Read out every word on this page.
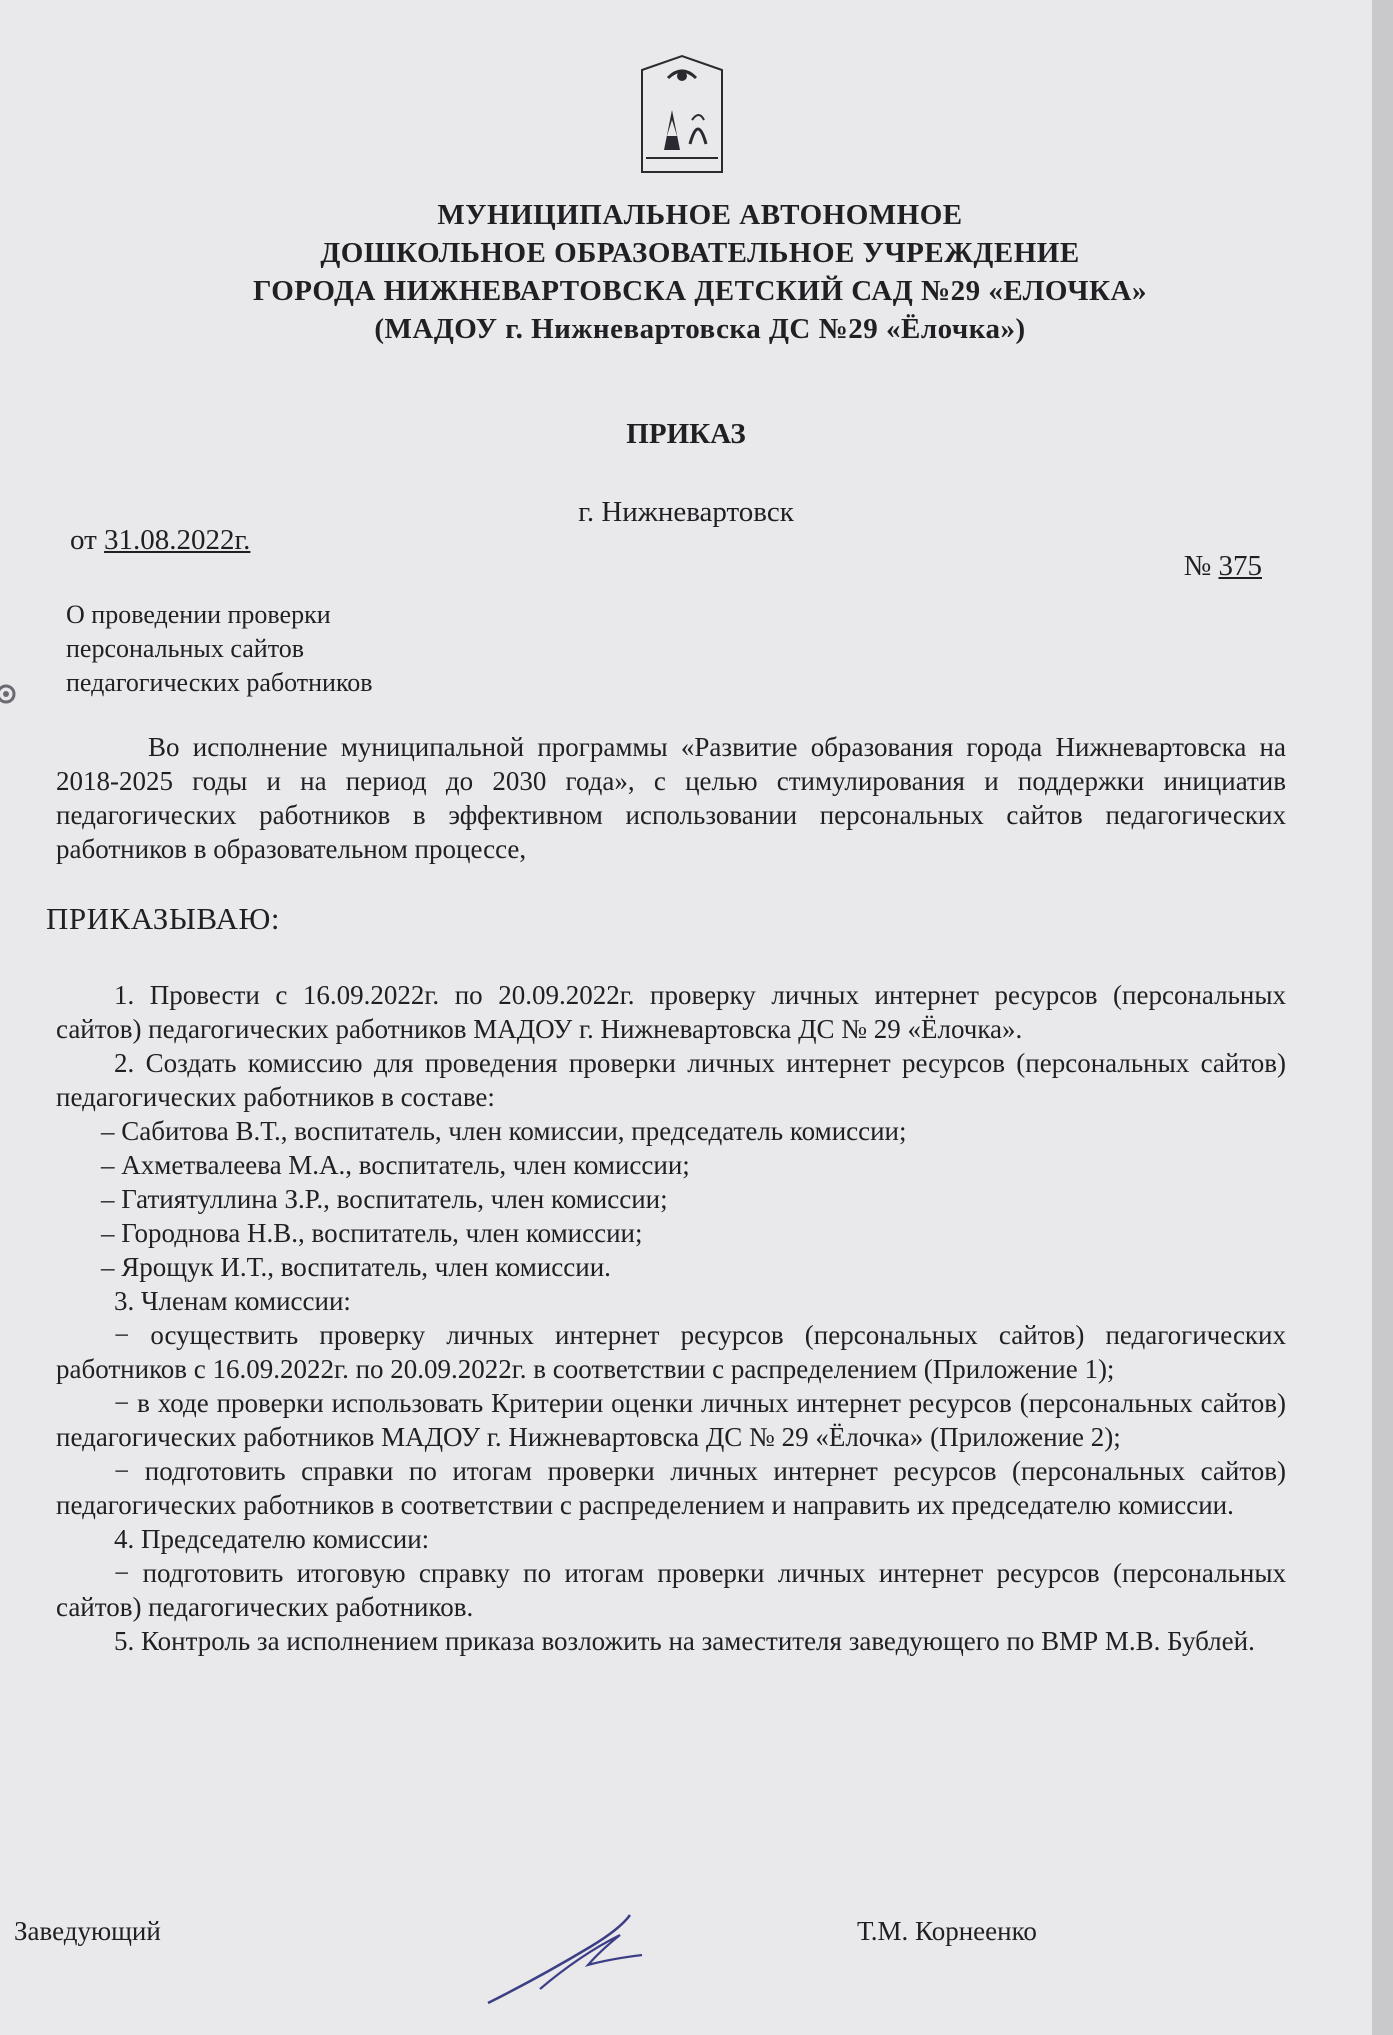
МУНИЦИПАЛЬНОЕ АВТОНОМНОЕ
ДОШКОЛЬНОЕ ОБРАЗОВАТЕЛЬНОЕ УЧРЕЖДЕНИЕ
ГОРОДА НИЖНЕВАРТОВСКА ДЕТСКИЙ САД №29 «ЕЛОЧКА»
(МАДОУ г. Нижневартовска ДС №29 «Ёлочка»)
ПРИКАЗ
г. Нижневартовск
от 31.08.2022г.
№ 375
О проведении проверки
персональных сайтов
педагогических работников

Во исполнение муниципальной программы «Развитие образования города Нижневартовска на 2018-2025 годы и на период до 2030 года», с целью стимулирования и поддержки инициатив педагогических работников в эффективном использовании персональных сайтов педагогических работников в образовательном процессе,

ПРИКАЗЫВАЮ:

1. Провести с 16.09.2022г. по 20.09.2022г. проверку личных интернет ресурсов (персональных сайтов) педагогических работников МАДОУ г. Нижневартовска ДС № 29 «Ёлочка».

2. Создать комиссию для проведения проверки личных интернет ресурсов (персональных сайтов) педагогических работников в составе:

– Сабитова В.Т., воспитатель, член комиссии, председатель комиссии;

– Ахметвалеева М.А., воспитатель, член комиссии;

– Гатиятуллина З.Р., воспитатель, член комиссии;

– Городнова Н.В., воспитатель, член комиссии;

– Ярощук И.Т., воспитатель, член комиссии.

3. Членам комиссии:

− осуществить проверку личных интернет ресурсов (персональных сайтов) педагогических работников с 16.09.2022г. по 20.09.2022г. в соответствии с распределением (Приложение 1);

− в ходе проверки использовать Критерии оценки личных интернет ресурсов (персональных сайтов) педагогических работников МАДОУ г. Нижневартовска ДС № 29 «Ёлочка» (Приложение 2);

− подготовить справки по итогам проверки личных интернет ресурсов (персональных сайтов) педагогических работников в соответствии с распределением и направить их председателю комиссии.

4. Председателю комиссии:

− подготовить итоговую справку по итогам проверки личных интернет ресурсов (персональных сайтов) педагогических работников.

5. Контроль за исполнением приказа возложить на заместителя заведующего по ВМР М.В. Бублей.

Заведующий	Т.М. Корнеенко
